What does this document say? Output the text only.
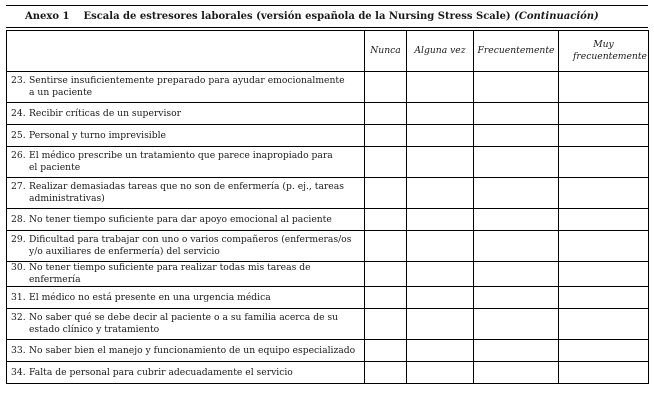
Anexo 1 Escala de estresores laborales (versión española de la Nursing Stress Scale) (Continuación)
	Nunca	Alguna vez	Frecuentemente	Muy frecuentemente

23. Sentirse insuficientemente preparado para ayudar emocionalmente
a un paciente				

24. Recibir críticas de un supervisor				

25. Personal y turno imprevisible				

26. El médico prescribe un tratamiento que parece inapropiado para
el paciente				

27. Realizar demasiadas tareas que no son de enfermería (p. ej., tareas
administrativas)				

28. No tener tiempo suficiente para dar apoyo emocional al paciente				

29. Dificultad para trabajar con uno o varios compañeros (enfermeras/os
y/o auxiliares de enfermería) del servicio				

30. No tener tiempo suficiente para realizar todas mis tareas de enfermería				

31. El médico no está presente en una urgencia médica				

32. No saber qué se debe decir al paciente o a su familia acerca de su
estado clínico y tratamiento				

33. No saber bien el manejo y funcionamiento de un equipo especializado				

34. Falta de personal para cubrir adecuadamente el servicio				
